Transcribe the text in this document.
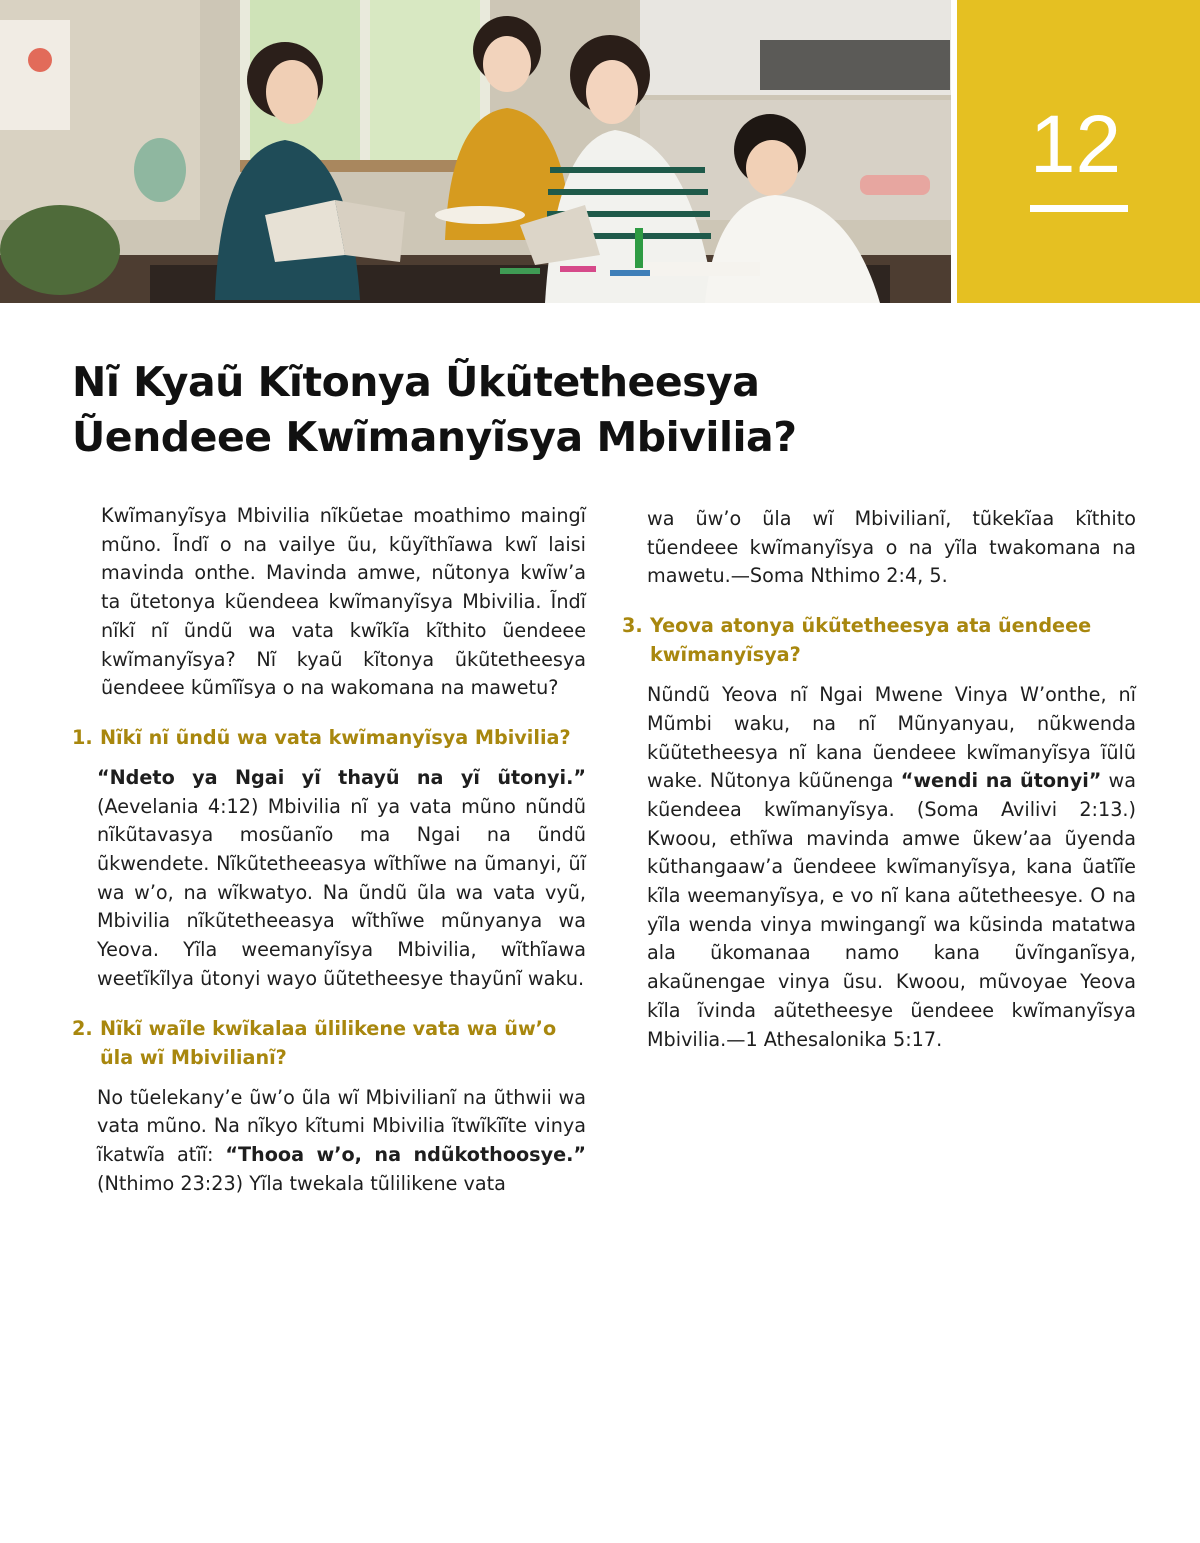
12
Nĩ Kyaũ Kĩtonya Ũkũtetheesya
Ũendeee Kwĩmanyĩsya Mbivilia?

Kwĩmanyĩsya Mbivilia nĩkũetae moathimo maingĩ mũno. Ĩndĩ o na vailye ũu, kũyĩthĩawa kwĩ laisi mavinda onthe. Mavinda amwe, nũtonya kwĩw’a ta ũtetonya kũendeea kwĩmanyĩsya Mbivilia. Ĩndĩ nĩkĩ nĩ ũndũ wa vata kwĩkĩa kĩthito ũendeee kwĩmanyĩsya? Nĩ kyaũ kĩtonya ũkũtetheesya ũendeee kũmĩĩsya o na wakomana na mawetu?

1. Nĩkĩ nĩ ũndũ wa vata kwĩmanyĩsya Mbivilia?

“Ndeto ya Ngai yĩ thayũ na yĩ ũtonyi.” (Aevelania 4:12) Mbivilia nĩ ya vata mũno nũndũ nĩkũtavasya mosũanĩo ma Ngai na ũndũ ũkwendete. Nĩkũtetheeasya wĩthĩwe na ũmanyi, ũĩ wa w’o, na wĩkwatyo. Na ũndũ ũla wa vata vyũ, Mbivilia nĩkũtetheeasya wĩthĩwe mũnyanya wa Yeova. Yĩla weemanyĩsya Mbivilia, wĩthĩawa weetĩkĩlya ũtonyi wayo ũũtetheesye thayũnĩ waku.

2. Nĩkĩ waĩle kwĩkalaa ũlilikene vata wa ũw’o ũla wĩ Mbivilianĩ?

No tũelekany’e ũw’o ũla wĩ Mbivilianĩ na ũthwii wa vata mũno. Na nĩkyo kĩtumi Mbivilia ĩtwĩkĩĩte vinya ĩkatwĩa atĩĩ: “Thooa w’o, na ndũkothoosye.” (Nthimo 23:23) Yĩla twekala tũlilikene vata

wa ũw’o ũla wĩ Mbivilianĩ, tũkekĩaa kĩthito tũendeee kwĩmanyĩsya o na yĩla twakomana na mawetu.—Soma Nthimo 2:4, 5.

3. Yeova atonya ũkũtetheesya ata ũendeee kwĩmanyĩsya?

Nũndũ Yeova nĩ Ngai Mwene Vinya W’onthe, nĩ Mũmbi waku, na nĩ Mũnyanyau, nũkwenda kũũtetheesya nĩ kana ũendeee kwĩmanyĩsya ĩũlũ wake. Nũtonya kũũnenga “wendi na ũtonyi” wa kũendeea kwĩmanyĩsya. (Soma Avilivi 2:13.) Kwoou, ethĩwa mavinda amwe ũkew’aa ũyenda kũthangaaw’a ũendeee kwĩmanyĩsya, kana ũatĩĩe kĩla weemanyĩsya, e vo nĩ kana aũtetheesye. O na yĩla wenda vinya mwingangĩ wa kũsinda matatwa ala ũkomanaa namo kana ũvĩnganĩsya, akaũnengae vinya ũsu. Kwoou, mũvoyae Yeova kĩla ĩvinda aũtetheesye ũendeee kwĩmanyĩsya Mbivilia.—1 Athesalonika 5:17.
